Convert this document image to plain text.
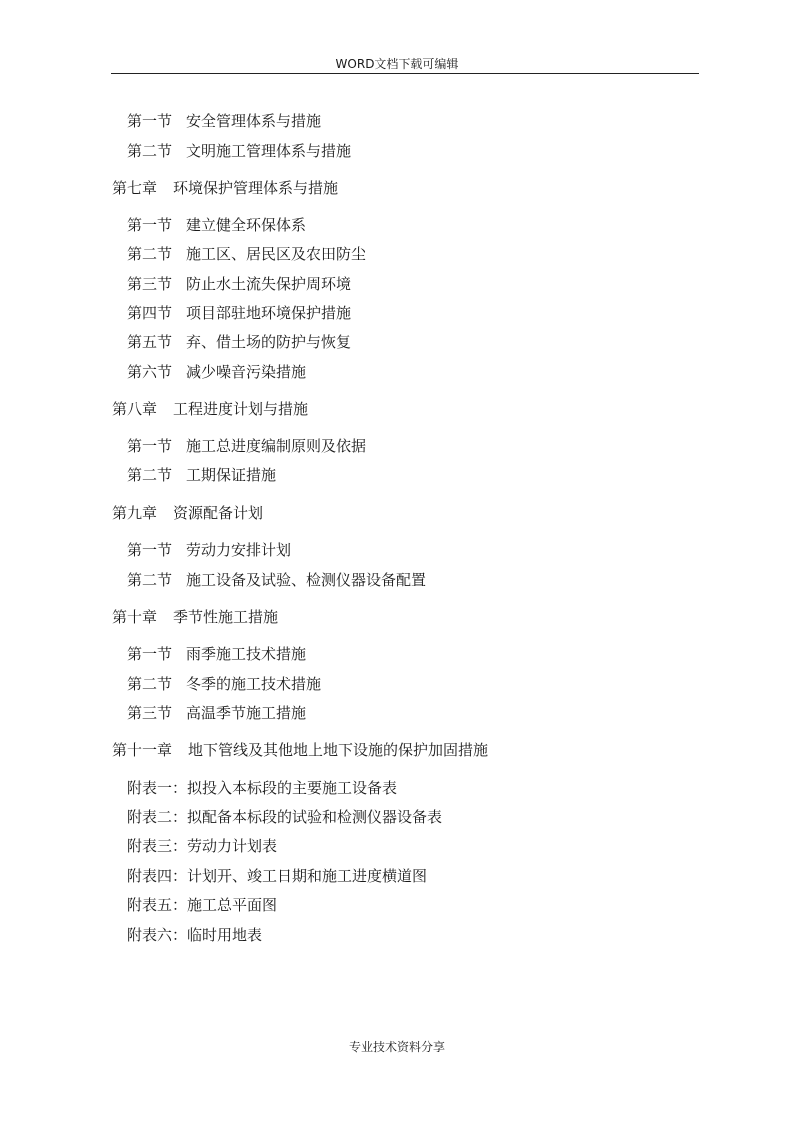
WORD文档下载可编辑
第一节 安全管理体系与措施
第二节 文明施工管理体系与措施
第七章 环境保护管理体系与措施
第一节 建立健全环保体系
第二节 施工区、居民区及农田防尘
第三节 防止水土流失保护周环境
第四节 项目部驻地环境保护措施
第五节 弃、借土场的防护与恢复
第六节 减少噪音污染措施
第八章 工程进度计划与措施
第一节 施工总进度编制原则及依据
第二节 工期保证措施
第九章 资源配备计划
第一节 劳动力安排计划
第二节 施工设备及试验、检测仪器设备配置
第十章 季节性施工措施
第一节 雨季施工技术措施
第二节 冬季的施工技术措施
第三节 高温季节施工措施
第十一章 地下管线及其他地上地下设施的保护加固措施
附表一：拟投入本标段的主要施工设备表
附表二：拟配备本标段的试验和检测仪器设备表
附表三：劳动力计划表
附表四：计划开、竣工日期和施工进度横道图
附表五：施工总平面图
附表六：临时用地表
专业技术资料分享
